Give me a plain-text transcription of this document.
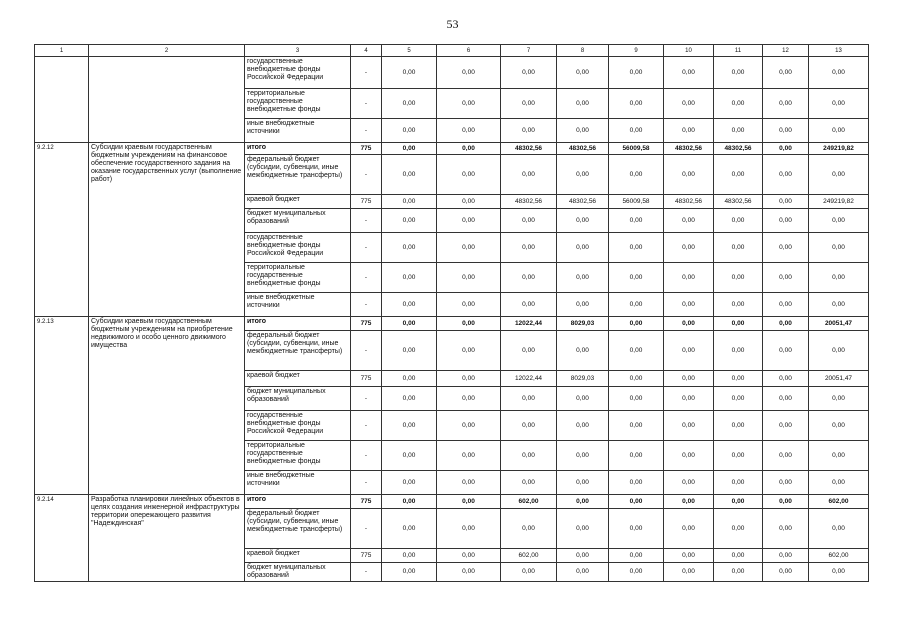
53
1	2	3	4	5	6	7	8	9	10	11	12	13
		государственные внебюджетные фонды Российской Федерации	-	0,00	0,00	0,00	0,00	0,00	0,00	0,00	0,00	0,00
		территориальные государственные внебюджетные фонды	-	0,00	0,00	0,00	0,00	0,00	0,00	0,00	0,00	0,00
		иные внебюджетные источники	-	0,00	0,00	0,00	0,00	0,00	0,00	0,00	0,00	0,00
9.2.12	Субсидии краевым государственным бюджетным учреждениям на финансовое обеспечение государственного задания на оказание государственных услуг (выполнение работ)	итого	775	0,00	0,00	48302,56	48302,56	56009,58	48302,56	48302,56	0,00	249219,82
		федеральный бюджет (субсидии, субвенции, иные межбюджетные трансферты)	-	0,00	0,00	0,00	0,00	0,00	0,00	0,00	0,00	0,00
		краевой бюджет	775	0,00	0,00	48302,56	48302,56	56009,58	48302,56	48302,56	0,00	249219,82
		бюджет муниципальных образований	-	0,00	0,00	0,00	0,00	0,00	0,00	0,00	0,00	0,00
		государственные внебюджетные фонды Российской Федерации	-	0,00	0,00	0,00	0,00	0,00	0,00	0,00	0,00	0,00
		территориальные государственные внебюджетные фонды	-	0,00	0,00	0,00	0,00	0,00	0,00	0,00	0,00	0,00
		иные внебюджетные источники	-	0,00	0,00	0,00	0,00	0,00	0,00	0,00	0,00	0,00
9.2.13	Субсидии краевым государственным бюджетным учреждениям на приобретение недвижимого и особо ценного движимого имущества	итого	775	0,00	0,00	12022,44	8029,03	0,00	0,00	0,00	0,00	20051,47
		федеральный бюджет (субсидии, субвенции, иные межбюджетные трансферты)	-	0,00	0,00	0,00	0,00	0,00	0,00	0,00	0,00	0,00
		краевой бюджет	775	0,00	0,00	12022,44	8029,03	0,00	0,00	0,00	0,00	20051,47
		бюджет муниципальных образований	-	0,00	0,00	0,00	0,00	0,00	0,00	0,00	0,00	0,00
		государственные внебюджетные фонды Российской Федерации	-	0,00	0,00	0,00	0,00	0,00	0,00	0,00	0,00	0,00
		территориальные государственные внебюджетные фонды	-	0,00	0,00	0,00	0,00	0,00	0,00	0,00	0,00	0,00
		иные внебюджетные источники	-	0,00	0,00	0,00	0,00	0,00	0,00	0,00	0,00	0,00
9.2.14	Разработка планировки линейных объектов в целях создания инженерной инфраструктуры территории опережающего развития "Надеждинская"	итого	775	0,00	0,00	602,00	0,00	0,00	0,00	0,00	0,00	602,00
		федеральный бюджет (субсидии, субвенции, иные межбюджетные трансферты)	-	0,00	0,00	0,00	0,00	0,00	0,00	0,00	0,00	0,00
		краевой бюджет	775	0,00	0,00	602,00	0,00	0,00	0,00	0,00	0,00	602,00
		бюджет муниципальных образований	-	0,00	0,00	0,00	0,00	0,00	0,00	0,00	0,00	0,00
